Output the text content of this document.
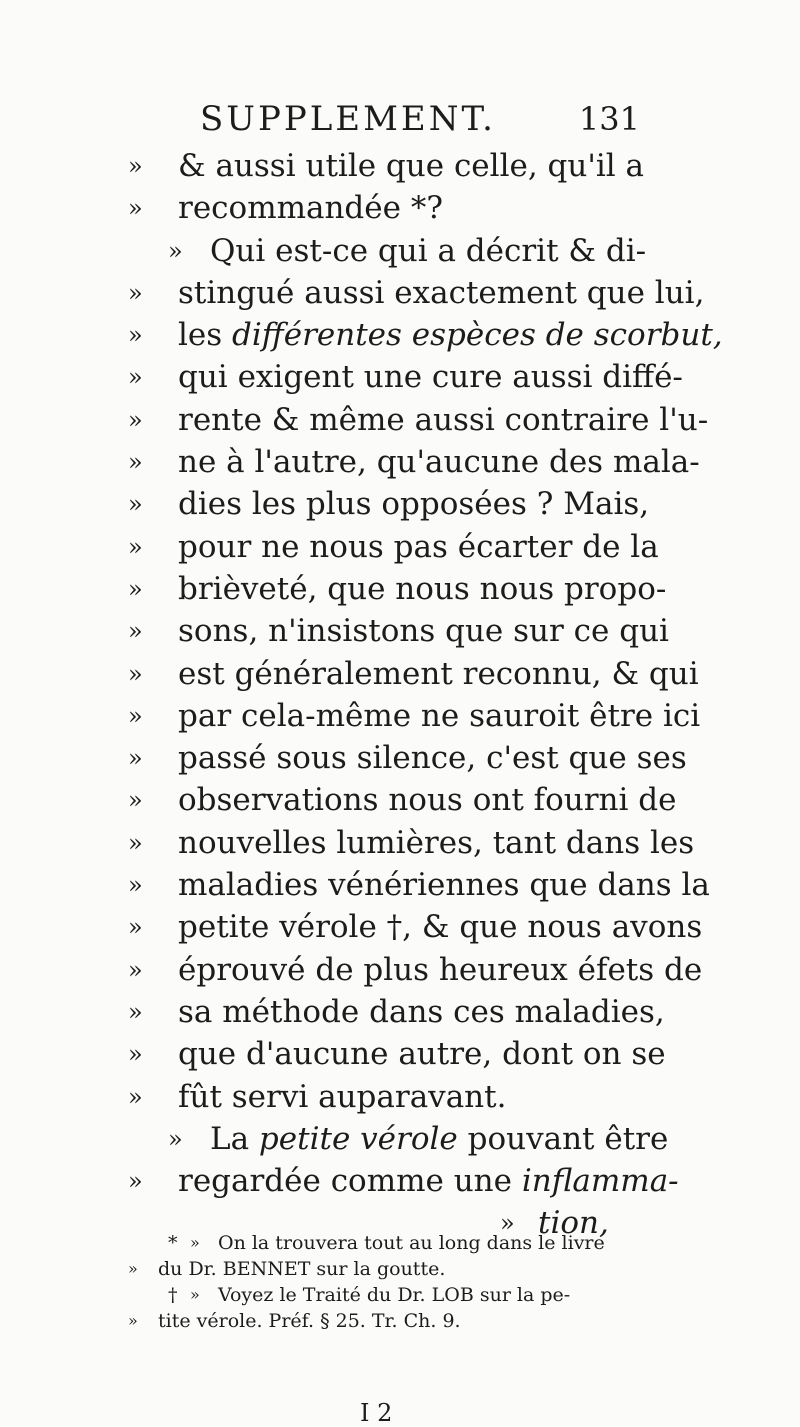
SUPPLEMENT.	131
»	& aussi utile que celle, qu'il a
»	recommandée *?
» Qui est-ce qui a décrit & di-
»	stingué aussi exactement que lui,
»	les différentes espèces de scorbut,
»	qui exigent une cure aussi diffé-
»	rente & même aussi contraire l'u-
»	ne à l'autre, qu'aucune des mala-
»	dies les plus opposées ? Mais,
»	pour ne nous pas écarter de la
»	brièveté, que nous nous propo-
»	sons, n'insistons que sur ce qui
»	est généralement reconnu, & qui
»	par cela-même ne sauroit être ici
»	passé sous silence, c'est que ses
»	observations nous ont fourni de
»	nouvelles lumières, tant dans les
»	maladies vénériennes que dans la
»	petite vérole †, & que nous avons
»	éprouvé de plus heureux éfets de
»	sa méthode dans ces maladies,
»	que d'aucune autre, dont on se
»	fût servi auparavant.
» La petite vérole pouvant être
»	regardée comme une inflamma-
» tion,
* » On la trouvera tout au long dans le livre
»	du Dr. BENNET sur la goutte.
† » Voyez le Traité du Dr. LOB sur la pe-
»	tite vérole. Préf. § 25. Tr. Ch. 9.
I 2
